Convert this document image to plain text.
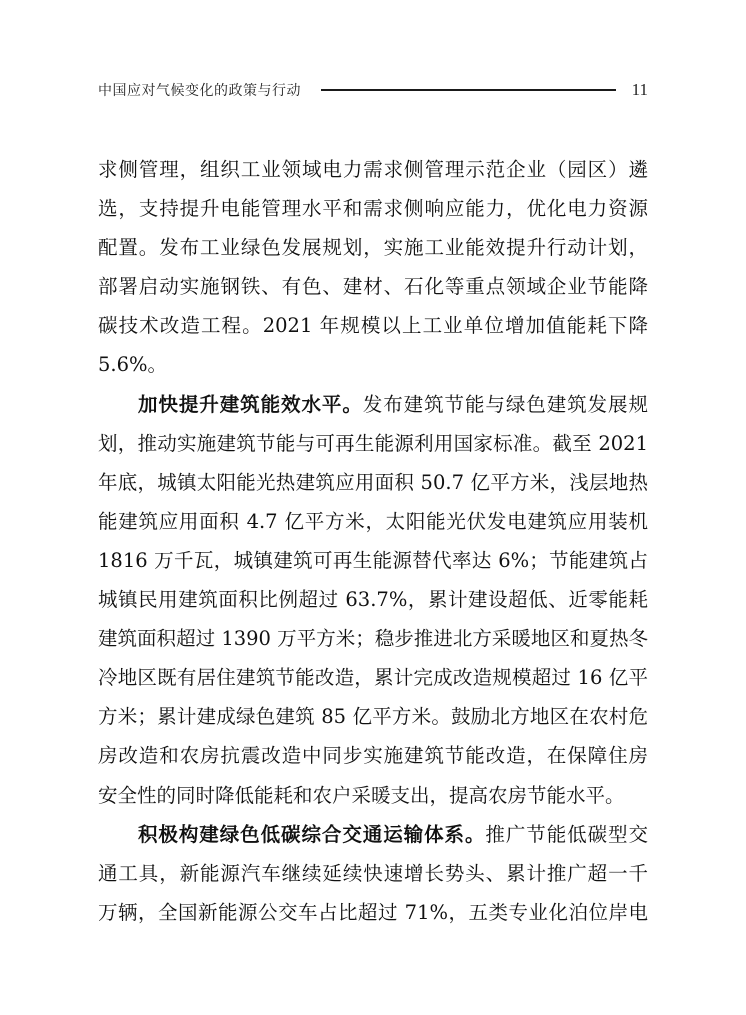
中国应对气候变化的政策与行动	11
求侧管理，组织工业领域电力需求侧管理示范企业（园区）遴
选，支持提升电能管理水平和需求侧响应能力，优化电力资源
配置。发布工业绿色发展规划，实施工业能效提升行动计划，
部署启动实施钢铁、有色、建材、石化等重点领域企业节能降
碳技术改造工程。2021 年规模以上工业单位增加值能耗下降
5.6%。
加快提升建筑能效水平。发布建筑节能与绿色建筑发展规
划，推动实施建筑节能与可再生能源利用国家标准。截至 2021
年底，城镇太阳能光热建筑应用面积 50.7 亿平方米，浅层地热
能建筑应用面积 4.7 亿平方米，太阳能光伏发电建筑应用装机
1816 万千瓦，城镇建筑可再生能源替代率达 6%；节能建筑占
城镇民用建筑面积比例超过 63.7%，累计建设超低、近零能耗
建筑面积超过 1390 万平方米；稳步推进北方采暖地区和夏热冬
冷地区既有居住建筑节能改造，累计完成改造规模超过 16 亿平
方米；累计建成绿色建筑 85 亿平方米。鼓励北方地区在农村危
房改造和农房抗震改造中同步实施建筑节能改造，在保障住房
安全性的同时降低能耗和农户采暖支出，提高农房节能水平。
积极构建绿色低碳综合交通运输体系。推广节能低碳型交
通工具，新能源汽车继续延续快速增长势头、累计推广超一千
万辆，全国新能源公交车占比超过 71%，五类专业化泊位岸电
